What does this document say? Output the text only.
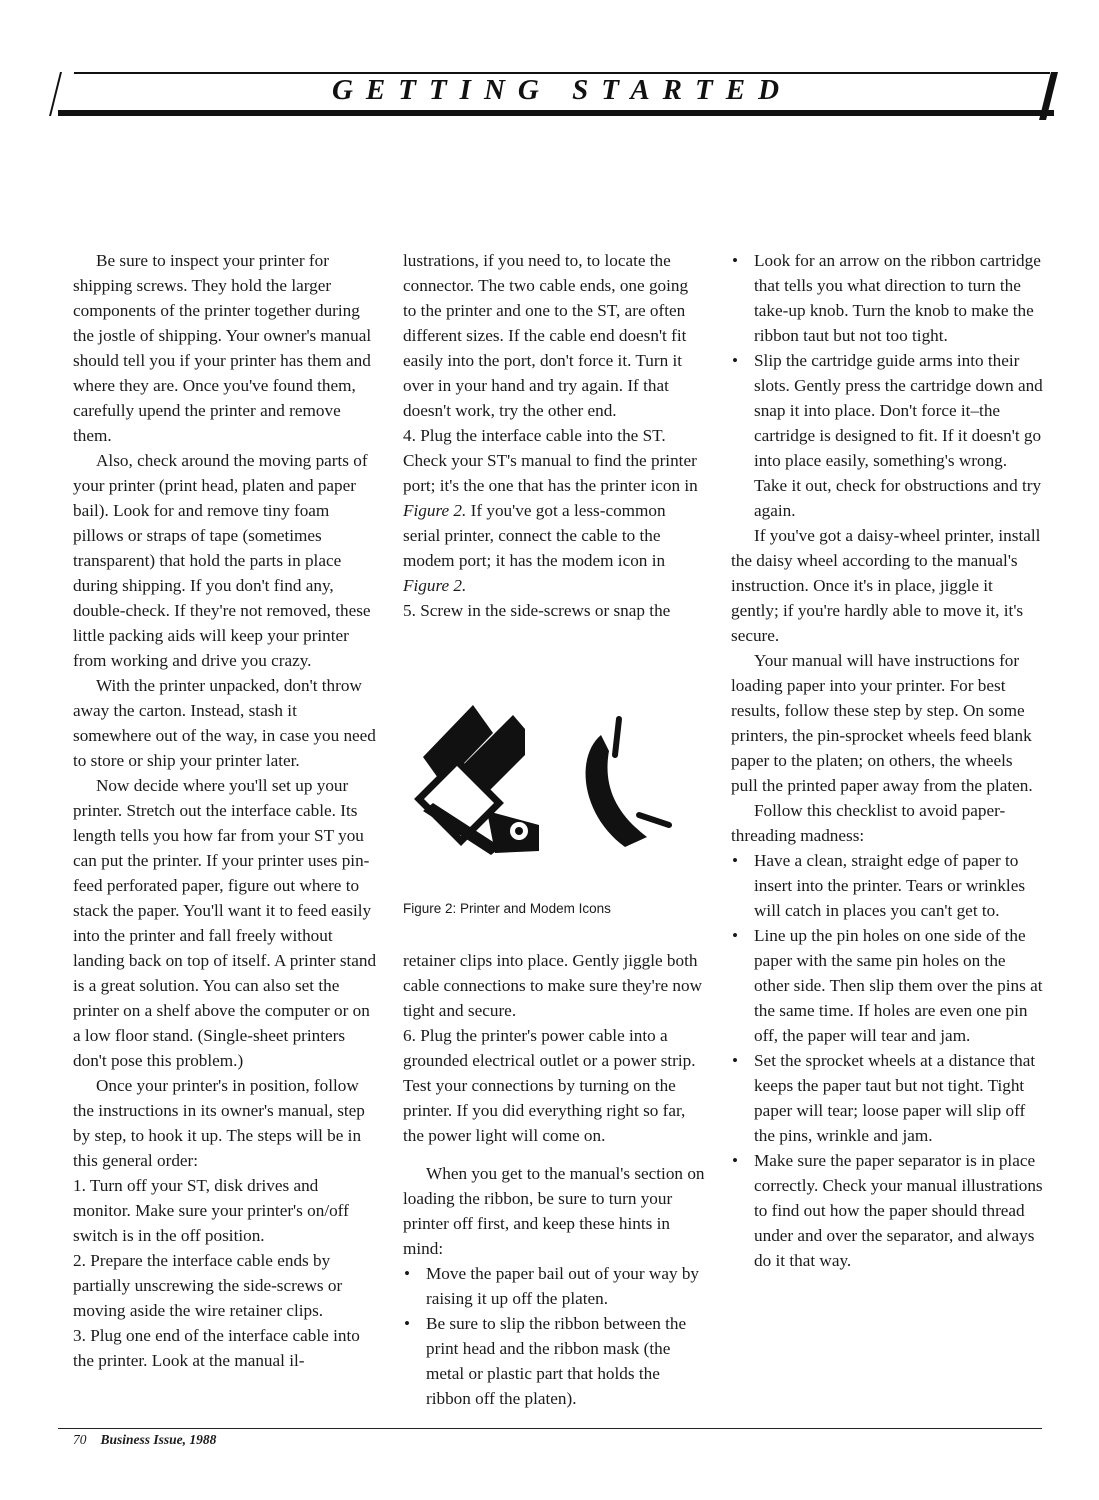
GETTING STARTED

Be sure to inspect your printer for shipping screws. They hold the larger components of the printer together during the jostle of shipping. Your owner's manual should tell you if your printer has them and where they are. Once you've found them, carefully upend the printer and remove them.

Also, check around the moving parts of your printer (print head, platen and paper bail). Look for and remove tiny foam pillows or straps of tape (sometimes transparent) that hold the parts in place during shipping. If you don't find any, double-check. If they're not removed, these little packing aids will keep your printer from working and drive you crazy.

With the printer unpacked, don't throw away the carton. Instead, stash it somewhere out of the way, in case you need to store or ship your printer later.

Now decide where you'll set up your printer. Stretch out the interface cable. Its length tells you how far from your ST you can put the printer. If your printer uses pin-feed perforated paper, figure out where to stack the paper. You'll want it to feed easily into the printer and fall freely without landing back on top of itself. A printer stand is a great solution. You can also set the printer on a shelf above the computer or on a low floor stand. (Single-sheet printers don't pose this problem.)

Once your printer's in position, follow the instructions in its owner's manual, step by step, to hook it up. The steps will be in this general order:

1. Turn off your ST, disk drives and monitor. Make sure your printer's on/off switch is in the off position.

2. Prepare the interface cable ends by partially unscrewing the side-screws or moving aside the wire retainer clips.

3. Plug one end of the interface cable into the printer. Look at the manual il-

lustrations, if you need to, to locate the connector. The two cable ends, one going to the printer and one to the ST, are often different sizes. If the cable end doesn't fit easily into the port, don't force it. Turn it over in your hand and try again. If that doesn't work, try the other end.

4. Plug the interface cable into the ST. Check your ST's manual to find the printer port; it's the one that has the printer icon in Figure 2. If you've got a less-common serial printer, connect the cable to the modem port; it has the modem icon in Figure 2.

5. Screw in the side-screws or snap the

Figure 2: Printer and Modem Icons

retainer clips into place. Gently jiggle both cable connections to make sure they're now tight and secure.

6. Plug the printer's power cable into a grounded electrical outlet or a power strip. Test your connections by turning on the printer. If you did everything right so far, the power light will come on.

When you get to the manual's section on loading the ribbon, be sure to turn your printer off first, and keep these hints in mind:

• Move the paper bail out of your way by raising it up off the platen.
• Be sure to slip the ribbon between the print head and the ribbon mask (the metal or plastic part that holds the ribbon off the platen).
• Look for an arrow on the ribbon cartridge that tells you what direction to turn the take-up knob. Turn the knob to make the ribbon taut but not too tight.
• Slip the cartridge guide arms into their slots. Gently press the cartridge down and snap it into place. Don't force it–the cartridge is designed to fit. If it doesn't go into place easily, something's wrong. Take it out, check for obstructions and try again.

If you've got a daisy-wheel printer, install the daisy wheel according to the manual's instruction. Once it's in place, jiggle it gently; if you're hardly able to move it, it's secure.

Your manual will have instructions for loading paper into your printer. For best results, follow these step by step. On some printers, the pin-sprocket wheels feed blank paper to the platen; on others, the wheels pull the printed paper away from the platen.

Follow this checklist to avoid paper-threading madness:

• Have a clean, straight edge of paper to insert into the printer. Tears or wrinkles will catch in places you can't get to.
• Line up the pin holes on one side of the paper with the same pin holes on the other side. Then slip them over the pins at the same time. If holes are even one pin off, the paper will tear and jam.
• Set the sprocket wheels at a distance that keeps the paper taut but not tight. Tight paper will tear; loose paper will slip off the pins, wrinkle and jam.
• Make sure the paper separator is in place correctly. Check your manual illustrations to find out how the paper should thread under and over the separator, and always do it that way.
70 Business Issue, 1988
